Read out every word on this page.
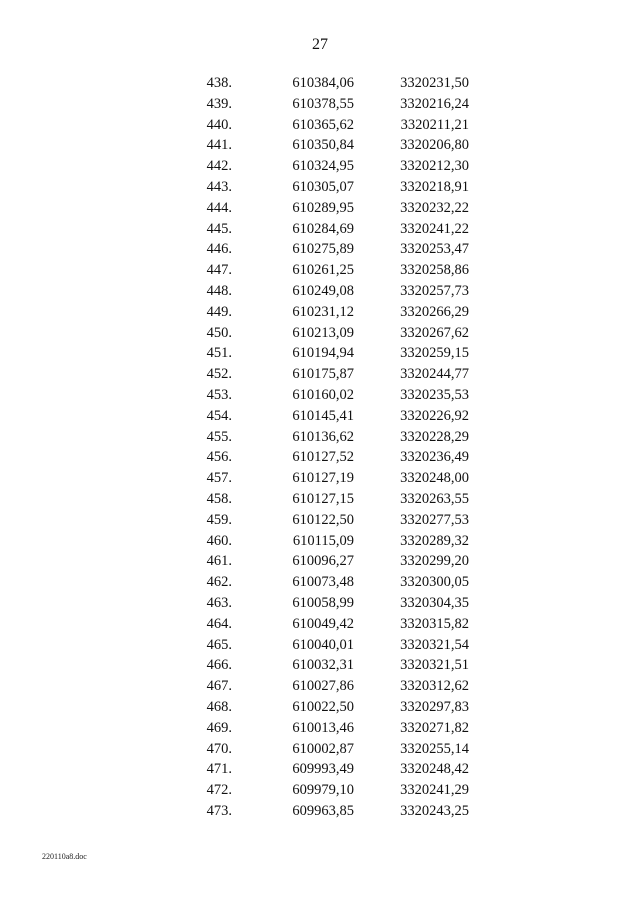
27
438.	610384,06	3320231,50
439.	610378,55	3320216,24
440.	610365,62	3320211,21
441.	610350,84	3320206,80
442.	610324,95	3320212,30
443.	610305,07	3320218,91
444.	610289,95	3320232,22
445.	610284,69	3320241,22
446.	610275,89	3320253,47
447.	610261,25	3320258,86
448.	610249,08	3320257,73
449.	610231,12	3320266,29
450.	610213,09	3320267,62
451.	610194,94	3320259,15
452.	610175,87	3320244,77
453.	610160,02	3320235,53
454.	610145,41	3320226,92
455.	610136,62	3320228,29
456.	610127,52	3320236,49
457.	610127,19	3320248,00
458.	610127,15	3320263,55
459.	610122,50	3320277,53
460.	610115,09	3320289,32
461.	610096,27	3320299,20
462.	610073,48	3320300,05
463.	610058,99	3320304,35
464.	610049,42	3320315,82
465.	610040,01	3320321,54
466.	610032,31	3320321,51
467.	610027,86	3320312,62
468.	610022,50	3320297,83
469.	610013,46	3320271,82
470.	610002,87	3320255,14
471.	609993,49	3320248,42
472.	609979,10	3320241,29
473.	609963,85	3320243,25
220110a8.doc
